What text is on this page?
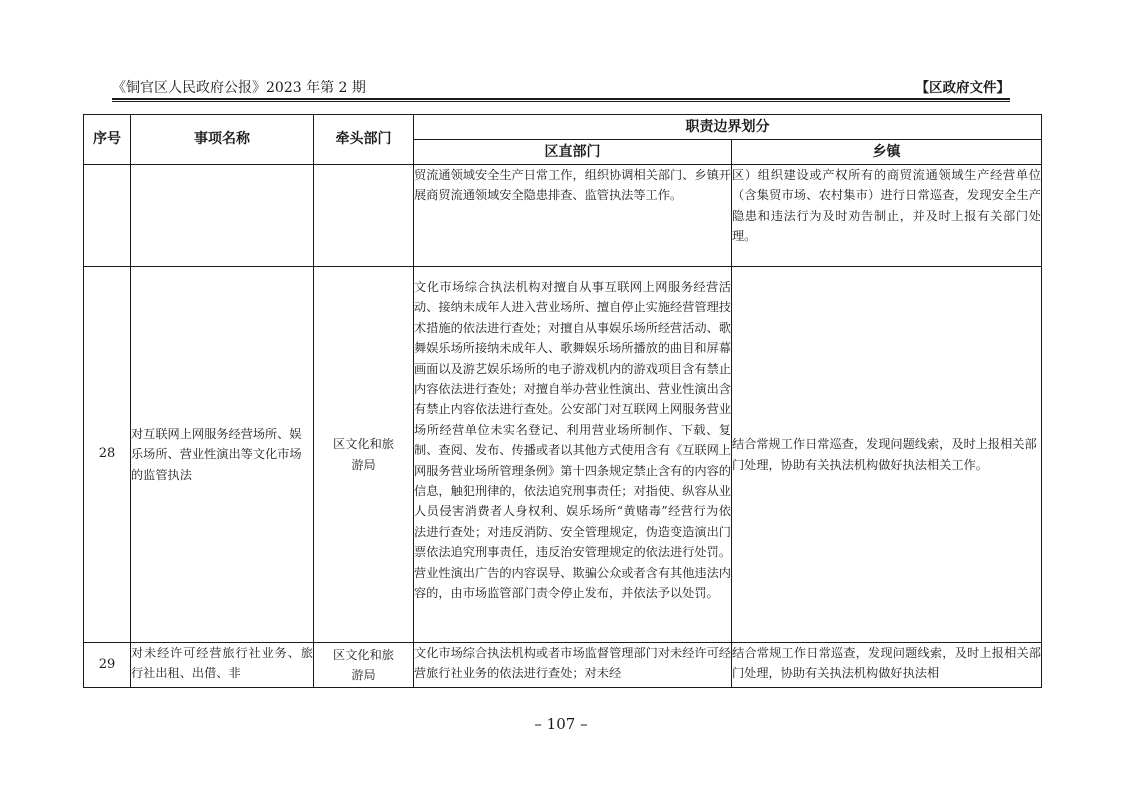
《铜官区人民政府公报》2023 年第 2 期	【区政府文件】
序号	事项名称	牵头部门	职责边界划分	
			区直部门	乡镇
			贸流通领域安全生产日常工作，组织协调相关部门、乡镇开展商贸流通领域安全隐患排查、监管执法等工作。	区）组织建设或产权所有的商贸流通领域生产经营单位（含集贸市场、农村集市）进行日常巡查，发现安全生产隐患和违法行为及时劝告制止，并及时上报有关部门处理。
28	对互联网上网服务经营场所、娱乐场所、营业性演出等文化市场的监管执法	区文化和旅游局	文化市场综合执法机构对擅自从事互联网上网服务经营活动、接纳未成年人进入营业场所、擅自停止实施经营管理技术措施的依法进行查处；对擅自从事娱乐场所经营活动、歌舞娱乐场所接纳未成年人、歌舞娱乐场所播放的曲目和屏幕画面以及游艺娱乐场所的电子游戏机内的游戏项目含有禁止内容依法进行查处；对擅自举办营业性演出、营业性演出含有禁止内容依法进行查处。公安部门对互联网上网服务营业场所经营单位未实名登记、利用营业场所制作、下载、复制、查阅、发布、传播或者以其他方式使用含有《互联网上网服务营业场所管理条例》第十四条规定禁止含有的内容的信息，触犯刑律的，依法追究刑事责任；对指使、纵容从业人员侵害消费者人身权利、娱乐场所“黄赌毒”经营行为依法进行查处；对违反消防、安全管理规定，伪造变造演出门票依法追究刑事责任，违反治安管理规定的依法进行处罚。营业性演出广告的内容误导、欺骗公众或者含有其他违法内容的，由市场监管部门责令停止发布，并依法予以处罚。	结合常规工作日常巡查，发现问题线索，及时上报相关部门处理，协助有关执法机构做好执法相关工作。
29	对未经许可经营旅行社业务、旅行社出租、出借、非	区文化和旅游局	文化市场综合执法机构或者市场监督管理部门对未经许可经营旅行社业务的依法进行查处；对未经	结合常规工作日常巡查，发现问题线索，及时上报相关部门处理，协助有关执法机构做好执法相
– 107 –
